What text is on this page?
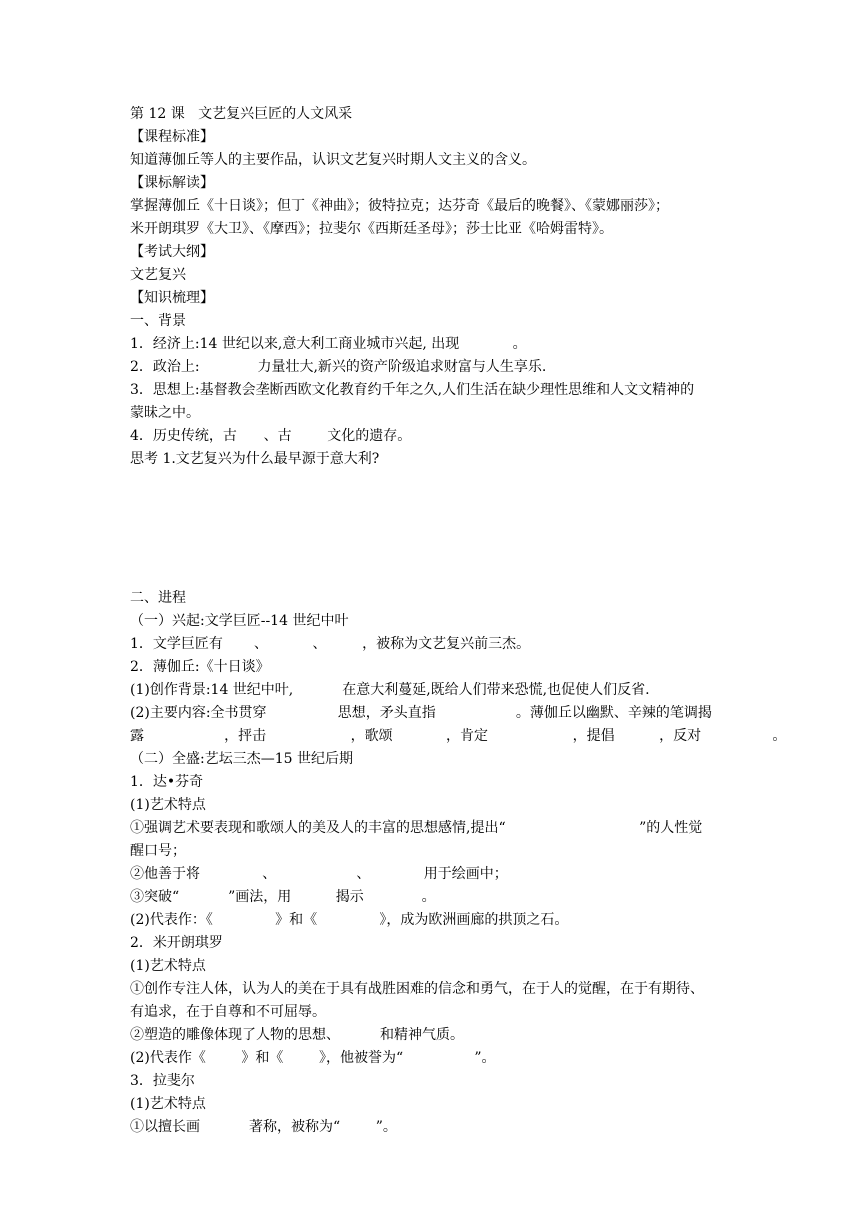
第 12 课   文艺复兴巨匠的人文风采
【课程标准】
知道薄伽丘等人的主要作品，认识文艺复兴时期人文主义的含义。
【课标解读】
掌握薄伽丘《十日谈》；但丁《神曲》；彼特拉克；达芬奇《最后的晚餐》、《蒙娜丽莎》；
米开朗琪罗《大卫》、《摩西》；拉斐尔《西斯廷圣母》；莎士比亚《哈姆雷特》。
【考试大纲】
文艺复兴
【知识梳理】
一、背景
1．经济上:14 世纪以来,意大利工商业城市兴起, 出现            。
2．政治上:             力量壮大,新兴的资产阶级追求财富与人生享乐.
3．思想上:基督教会垄断西欧文化教育约千年之久,人们生活在缺少理性思维和人文文精神的
蒙昧之中。
4．历史传统，古      、古        文化的遗存。
思考 1.文艺复兴为什么最早源于意大利?
二、进程
（一）兴起:文学巨匠--14 世纪中叶
1．文学巨匠有       、          、        ，被称为文艺复兴前三杰。
2．薄伽丘:《十日谈》
(1)创作背景:14 世纪中叶,           在意大利蔓延,既给人们带来恐慌,也促使人们反省.
(2)主要内容:全书贯穿                思想，矛头直指                  。薄伽丘以幽默、辛辣的笔调揭
露                  ，抨击                   ，歌颂            ，肯定                   ，提倡          ，反对                。
（二）全盛:艺坛三杰—15 世纪后期
1．达•芬奇
(1)艺术特点
①强调艺术要表现和歌颂人的美及人的丰富的思想感情,提出“                              ”的人性觉
醒口号；
②他善于将              、                  、            用于绘画中；
③突破“           ”画法，用          揭示             。
(2)代表作：《              》和《              》，成为欧洲画廊的拱顶之石。
2．米开朗琪罗
(1)艺术特点
①创作专注人体，认为人的美在于具有战胜困难的信念和勇气，在于人的觉醒，在于有期待、
有追求，在于自尊和不可屈辱。
②塑造的雕像体现了人物的思想、         和精神气质。
(2)代表作《        》和《        》，他被誉为“                ”。
3．拉斐尔
(1)艺术特点
①以擅长画           著称，被称为“        ”。
